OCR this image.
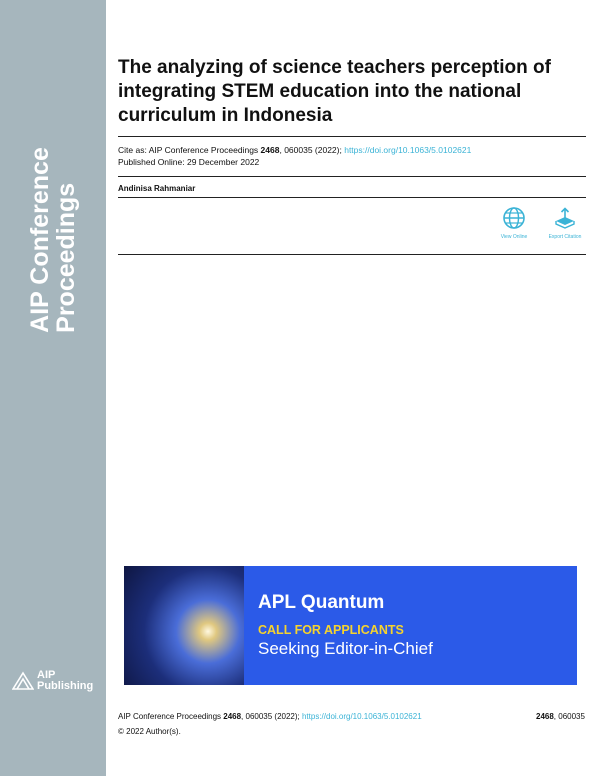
AIP Conference
Proceedings
AIP
Publishing
The analyzing of science teachers perception of integrating STEM education into the national curriculum in Indonesia
Cite as: AIP Conference Proceedings 2468, 060035 (2022); https://doi.org/10.1063/5.0102621
Published Online: 29 December 2022
Andinisa Rahmaniar
View Online	Export Citation
APL Quantum
CALL FOR APPLICANTS
Seeking Editor-in-Chief
AIP Conference Proceedings 2468, 060035 (2022); https://doi.org/10.1063/5.0102621	2468, 060035
© 2022 Author(s).
